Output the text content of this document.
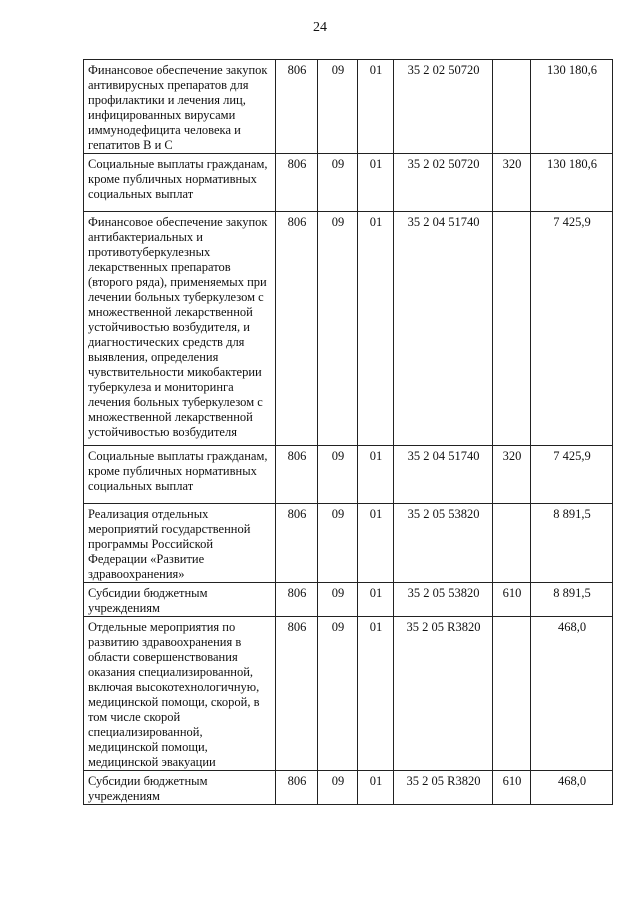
24
Финансовое обеспечение закупок антивирусных препаратов для профилактики и лечения лиц, инфицированных вирусами иммунодефицита человека и гепатитов В и С	806	09	01	35 2 02 50720		130 180,6
Социальные выплаты гражданам, кроме публичных нормативных социальных выплат	806	09	01	35 2 02 50720	320	130 180,6
Финансовое обеспечение закупок антибактериальных и противотуберкулезных лекарственных препаратов (второго ряда), применяемых при лечении больных туберкулезом с множественной лекарственной устойчивостью возбудителя, и диагностических средств для выявления, определения чувствительности микобактерии туберкулеза и мониторинга лечения больных туберкулезом с множественной лекарственной устойчивостью возбудителя	806	09	01	35 2 04 51740		7 425,9
Социальные выплаты гражданам, кроме публичных нормативных социальных выплат	806	09	01	35 2 04 51740	320	7 425,9
Реализация отдельных мероприятий государственной программы Российской Федерации «Развитие здравоохранения»	806	09	01	35 2 05 53820		8 891,5
Субсидии бюджетным учреждениям	806	09	01	35 2 05 53820	610	8 891,5
Отдельные мероприятия по развитию здравоохранения в области совершенствования оказания специализированной, включая высокотехнологичную, медицинской помощи, скорой, в том числе скорой специализированной, медицинской помощи, медицинской эвакуации	806	09	01	35 2 05 R3820		468,0
Субсидии бюджетным учреждениям	806	09	01	35 2 05 R3820	610	468,0
